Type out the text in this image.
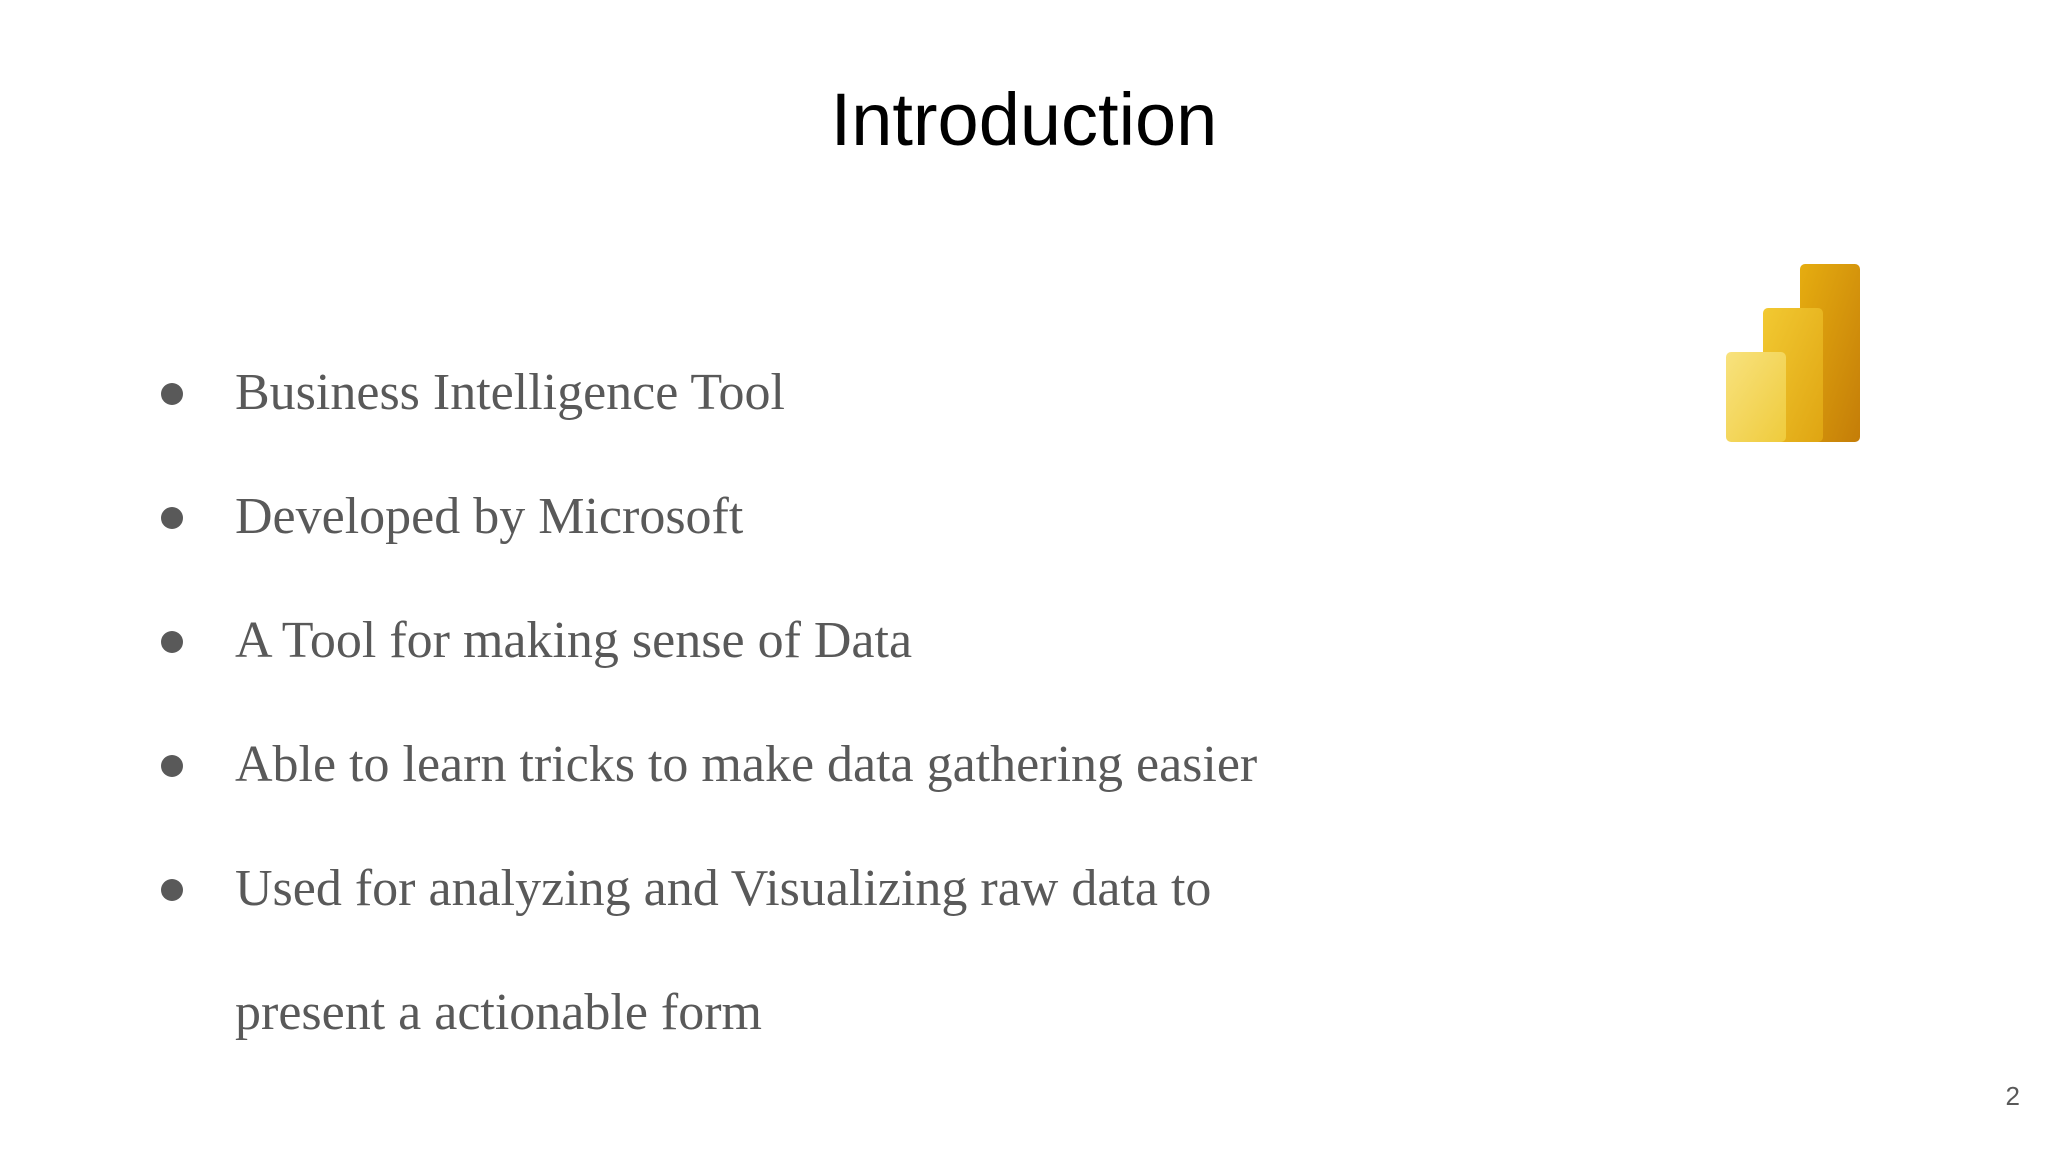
Introduction
Business Intelligence Tool
Developed by Microsoft
A Tool for making sense of Data
Able to learn tricks to make data gathering easier
Used for analyzing and Visualizing raw data to
present a actionable form
2
